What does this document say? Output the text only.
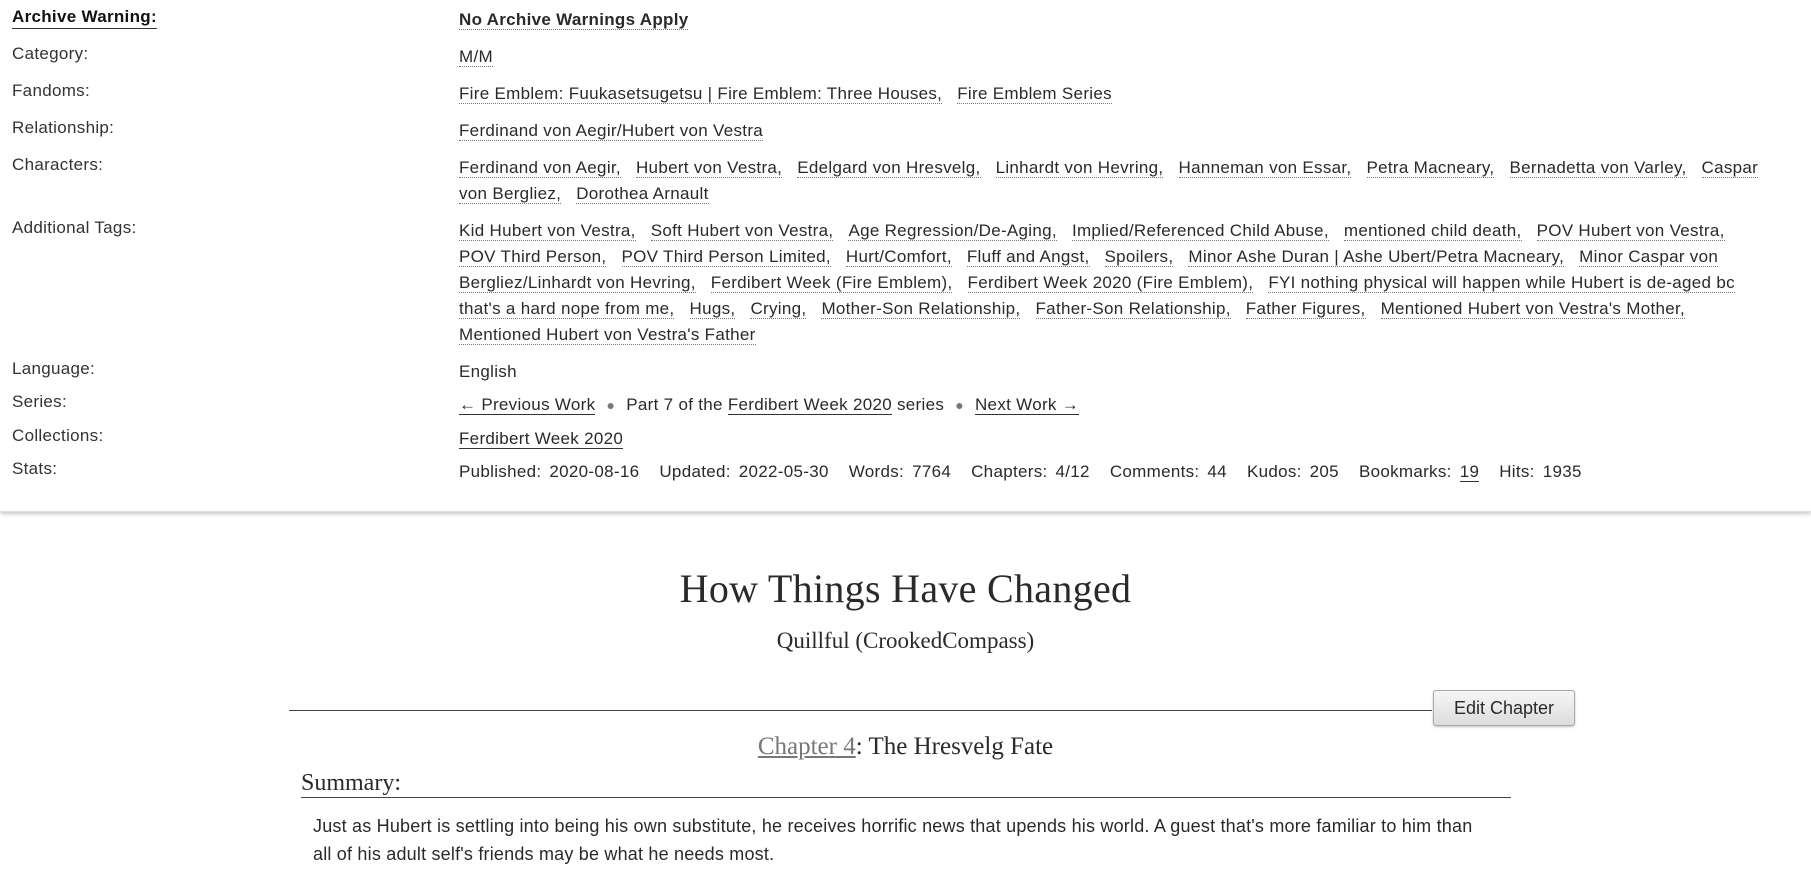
Archive Warning:	No Archive Warnings Apply
Category:	M/M
Fandoms:	Fire Emblem: Fuukasetsugetsu | Fire Emblem: Three Houses, Fire Emblem Series
Relationship:	Ferdinand von Aegir/Hubert von Vestra
Characters:	Ferdinand von Aegir, Hubert von Vestra, Edelgard von Hresvelg, Linhardt von Hevring, Hanneman von Essar, Petra Macneary, Bernadetta von Varley, Caspar von Bergliez, Dorothea Arnault
Additional Tags:	Kid Hubert von Vestra, Soft Hubert von Vestra, Age Regression/De-Aging, Implied/Referenced Child Abuse, mentioned child death, POV Hubert von Vestra, POV Third Person, POV Third Person Limited, Hurt/Comfort, Fluff and Angst, Spoilers, Minor Ashe Duran | Ashe Ubert/Petra Macneary, Minor Caspar von Bergliez/Linhardt von Hevring, Ferdibert Week (Fire Emblem), Ferdibert Week 2020 (Fire Emblem), FYI nothing physical will happen while Hubert is de-aged bc that's a hard nope from me, Hugs, Crying, Mother-Son Relationship, Father-Son Relationship, Father Figures, Mentioned Hubert von Vestra's Mother, Mentioned Hubert von Vestra's Father
Language:	English
Series:	← Previous Work ● Part 7 of the Ferdibert Week 2020 series ● Next Work →
Collections:	Ferdibert Week 2020
Stats:	Published: 2020-08-16 Updated: 2022-05-30 Words: 7764 Chapters: 4/12 Comments: 44 Kudos: 205 Bookmarks: 19 Hits: 1935
How Things Have Changed
Quillful (CrookedCompass)
Edit Chapter
Chapter 4: The Hresvelg Fate
Summary:
Just as Hubert is settling into being his own substitute, he receives horrific news that upends his world. A guest that's more familiar to him than all of his adult self's friends may be what he needs most.
